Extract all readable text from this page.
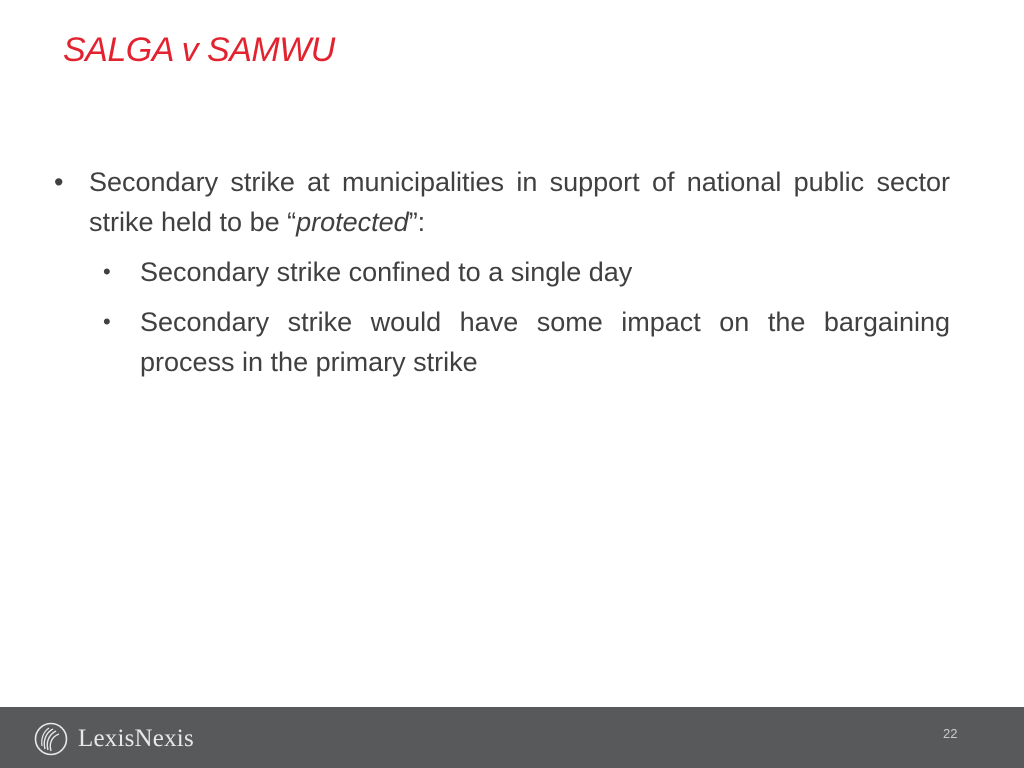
SALGA v SAMWU
• Secondary strike at municipalities in support of national public sector strike held to be “protected”:
• Secondary strike confined to a single day
• Secondary strike would have some impact on the bargaining process in the primary strike
LexisNexis	22
